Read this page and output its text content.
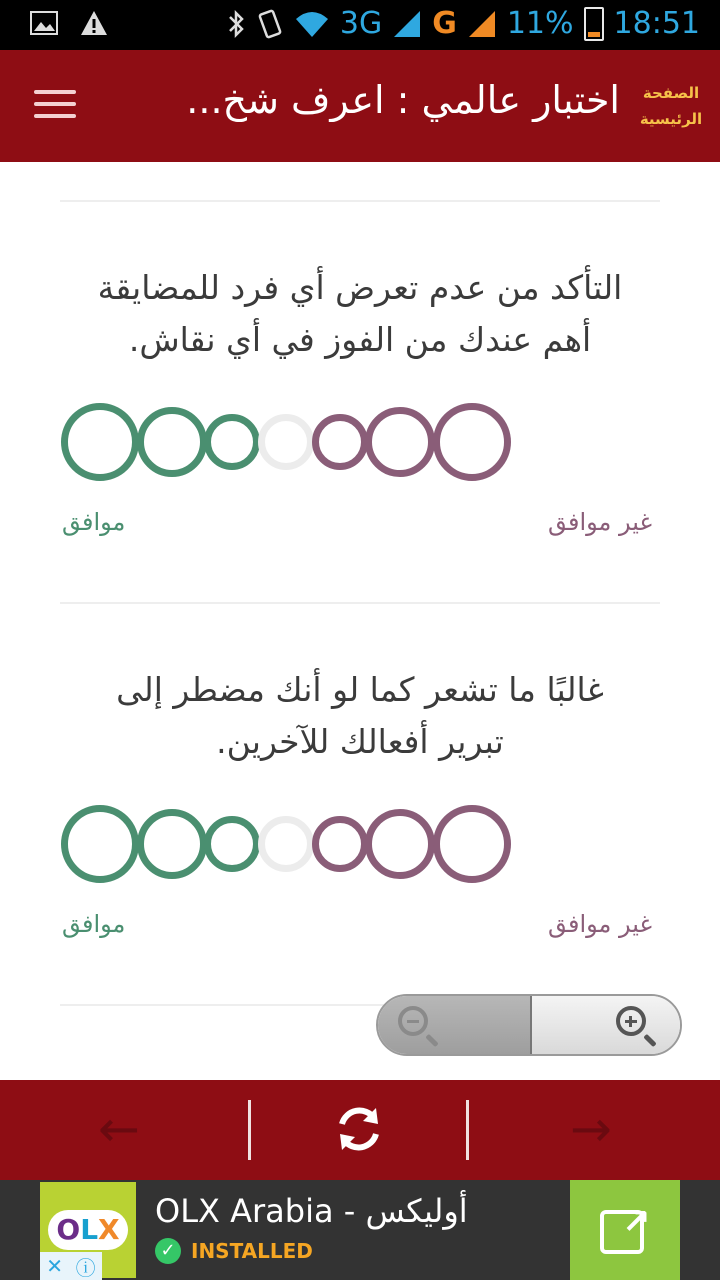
3G G 11% 18:51
اختبار عالمي : اعرف شخ...	الصفحة
الرئيسية
التأكد من عدم تعرض أي فرد للمضايقة
أهم عندك من الفوز في أي نقاش.
موافق	غير موافق
غالبًا ما تشعر كما لو أنك مضطر إلى
تبرير أفعالك للآخرين.
موافق	غير موافق

←	→
OLX
✕ ⓘ
OLX Arabia - أوليكس
✓ INSTALLED
↗
